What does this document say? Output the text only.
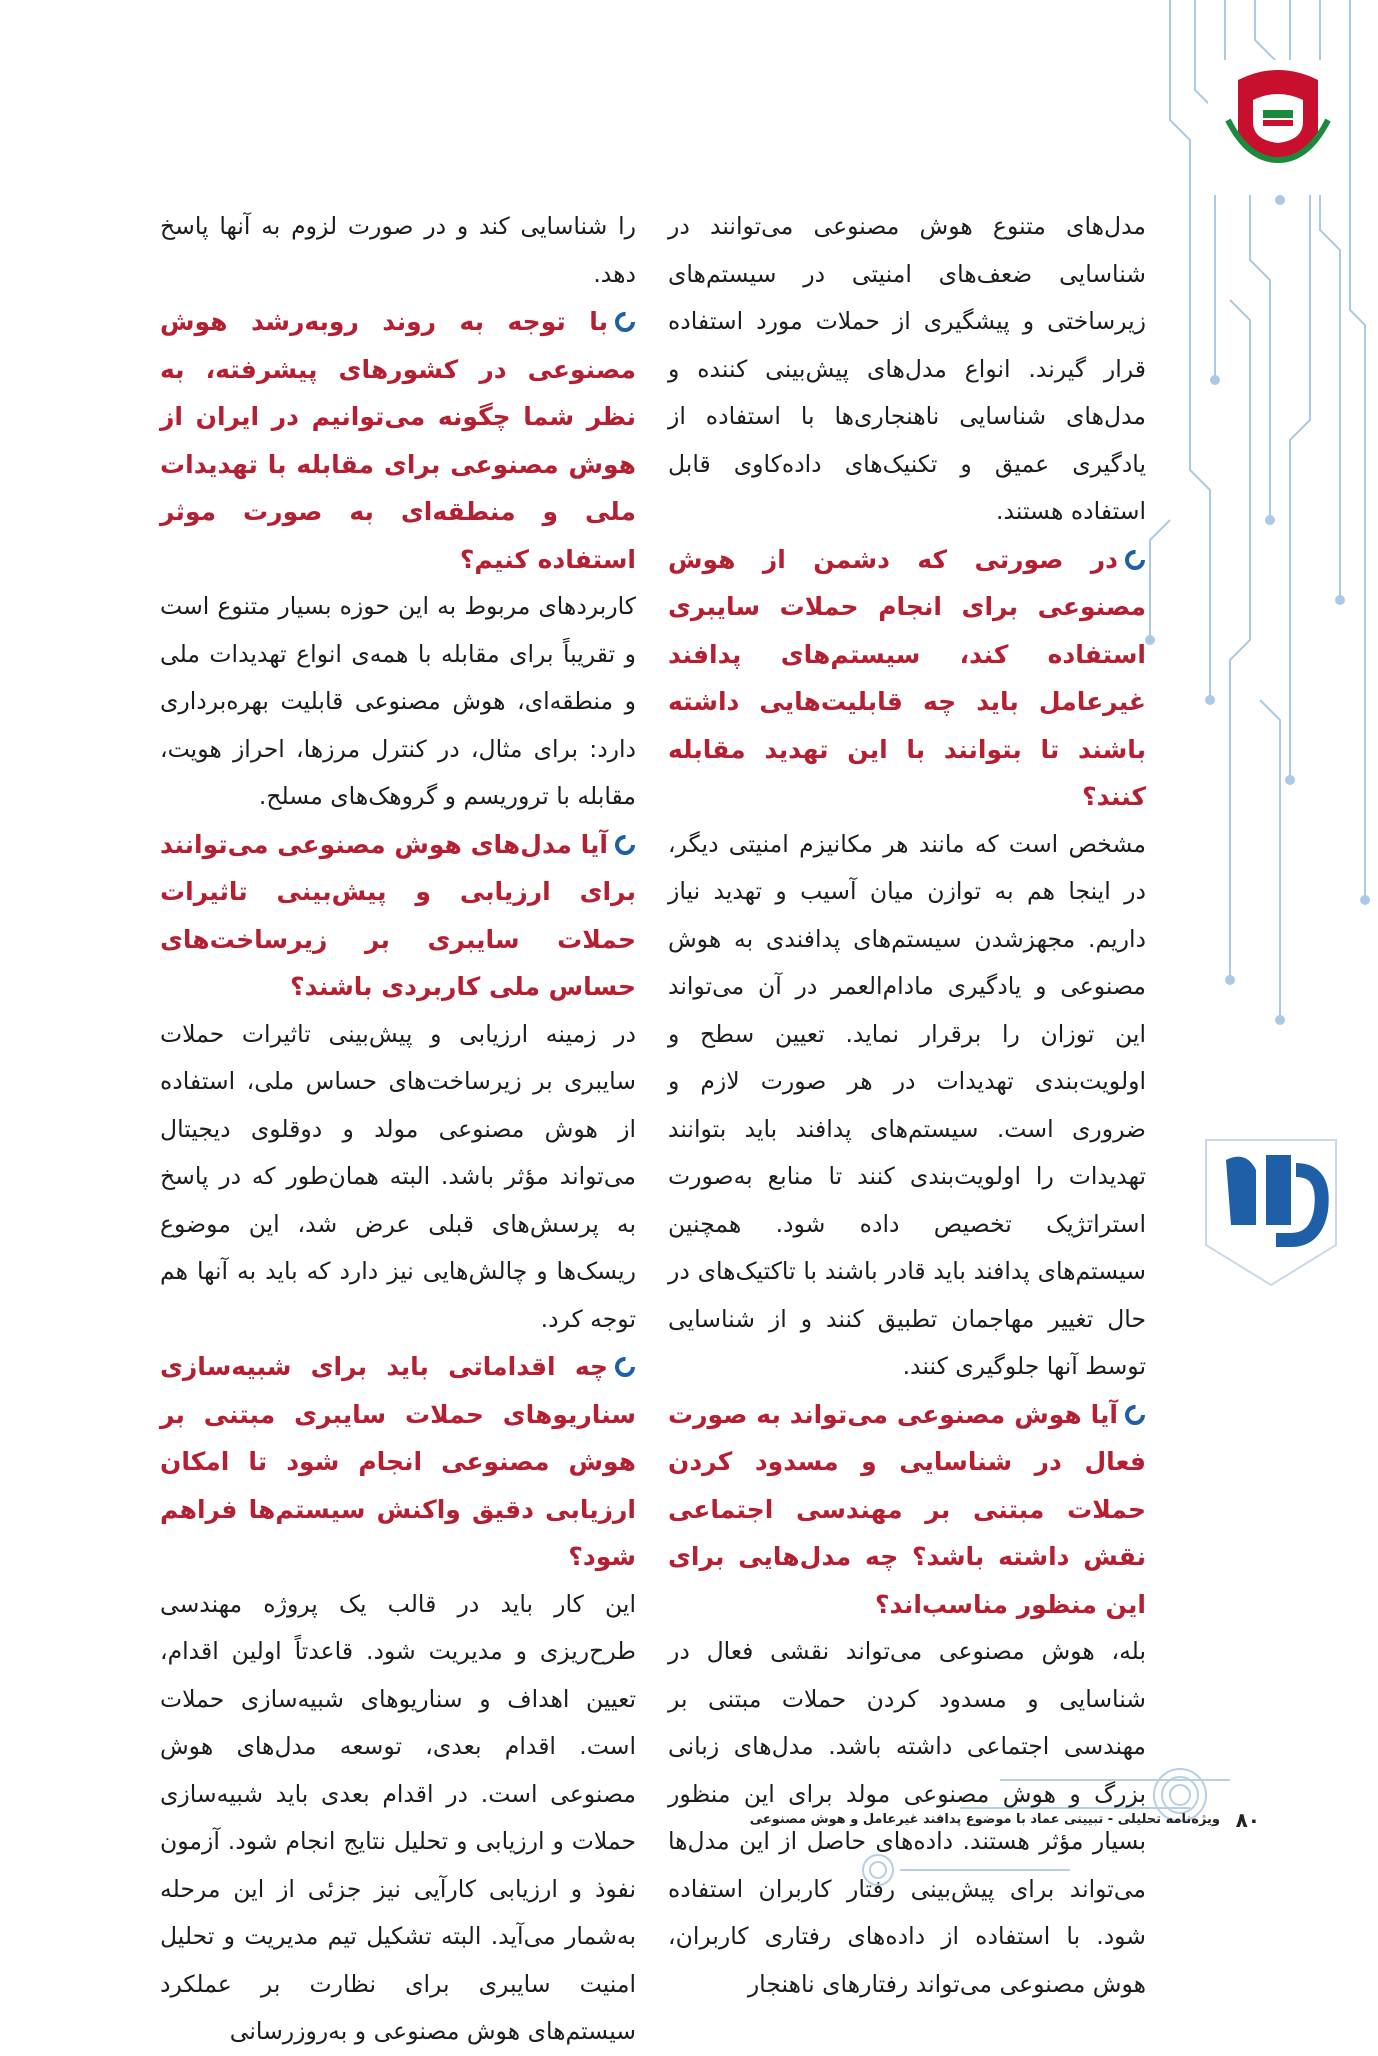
مدل‌های متنوع هوش مصنوعی می‌توانند در شناسایی ضعف‌های امنیتی در سیستم‌های زیرساختی و پیشگیری از حملات مورد استفاده قرار گیرند. انواع مدل‌های پیش‌بینی کننده و مدل‌های شناسایی ناهنجاری‌ها با استفاده از یادگیری عمیق و تکنیک‌های داده‌کاوی قابل استفاده هستند.

در صورتی که دشمن از هوش مصنوعی برای انجام حملات سایبری استفاده کند، سیستم‌های پدافند غیرعامل باید چه قابلیت‌هایی داشته باشند تا بتوانند با این تهدید مقابله کنند؟

مشخص است که مانند هر مکانیزم امنیتی دیگر، در اینجا هم به توازن میان آسیب و تهدید نیاز داریم. مجهزشدن سیستم‌های پدافندی به هوش مصنوعی و یادگیری مادام‌العمر در آن می‌تواند این توزان را برقرار نماید. تعیین سطح و اولویت‌بندی تهدیدات در هر صورت لازم و ضروری است. سیستم‌های پدافند باید بتوانند تهدیدات را اولویت‌بندی کنند تا منابع به‌صورت استراتژیک تخصیص داده شود. همچنین سیستم‌های پدافند باید قادر باشند با تاکتیک‌های در حال تغییر مهاجمان تطبیق کنند و از شناسایی توسط آنها جلوگیری کنند.

آیا هوش مصنوعی می‌تواند به صورت فعال در شناسایی و مسدود کردن حملات مبتنی بر مهندسی اجتماعی نقش داشته باشد؟ چه مدل‌هایی برای این منظور مناسب‌اند؟

بله، هوش مصنوعی می‌تواند نقشی فعال در شناسایی و مسدود کردن حملات مبتنی بر مهندسی اجتماعی داشته باشد. مدل‌های زبانی بزرگ و هوش مصنوعی مولد برای این منظور بسیار مؤثر هستند. داده‌های حاصل از این مدل‌ها می‌تواند برای پیش‌بینی رفتار کاربران استفاده شود. با استفاده از داده‌های رفتاری کاربران، هوش مصنوعی می‌تواند رفتارهای ناهنجار

را شناسایی کند و در صورت لزوم به آنها پاسخ دهد.

با توجه به روند روبه‌رشد هوش مصنوعی در کشورهای پیشرفته، به نظر شما چگونه می‌توانیم در ایران از هوش مصنوعی برای مقابله با تهدیدات ملی و منطقه‌ای به صورت موثر استفاده کنیم؟

کاربردهای مربوط به این حوزه بسیار متنوع است و تقریباً برای مقابله با همه‌ی انواع تهدیدات ملی و منطقه‌ای، هوش مصنوعی قابلیت بهره‌برداری دارد: برای مثال، در کنترل مرزها، احراز هویت، مقابله با تروریسم و گروهک‌های مسلح.

آیا مدل‌های هوش مصنوعی می‌توانند برای ارزیابی و پیش‌بینی تاثیرات حملات سایبری بر زیرساخت‌های حساس ملی کاربردی باشند؟

در زمینه ارزیابی و پیش‌بینی تاثیرات حملات سایبری بر زیرساخت‌های حساس ملی، استفاده از هوش مصنوعی مولد و دوقلوی دیجیتال می‌تواند مؤثر باشد. البته همان‌طور که در پاسخ به پرسش‌های قبلی عرض شد، این موضوع ریسک‌ها و چالش‌هایی نیز دارد که باید به آنها هم توجه کرد.

چه اقداماتی باید برای شبیه‌سازی سناریوهای حملات سایبری مبتنی بر هوش مصنوعی انجام شود تا امکان ارزیابی دقیق واکنش سیستم‌ها فراهم شود؟

این کار باید در قالب یک پروژه مهندسی طرح‌ریزی و مدیریت شود. قاعدتاً اولین اقدام، تعیین اهداف و سناریوهای شبیه‌سازی حملات است. اقدام بعدی، توسعه مدل‌های هوش مصنوعی است. در اقدام بعدی باید شبیه‌سازی حملات و ارزیابی و تحلیل نتایج انجام شود. آزمون نفوذ و ارزیابی کارآیی نیز جزئی از این مرحله به‌شمار می‌آید. البته تشکیل تیم مدیریت و تحلیل امنیت سایبری برای نظارت بر عملکرد سیستم‌های هوش مصنوعی و به‌روزرسانی

۸۰
ویژه‌نامه تحلیلی - تبیینی عماد با موضوع پدافند غیرعامل و هوش مصنوعی
